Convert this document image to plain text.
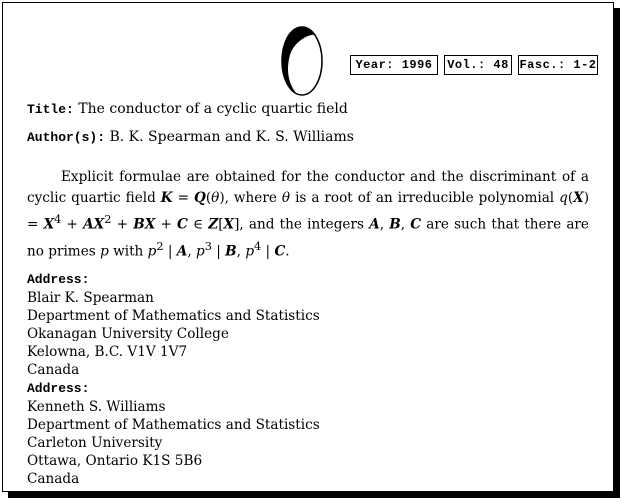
Year: 1996	Vol.: 48 Fasc.: 1-2
Title: The conductor of a cyclic quartic field
Author(s): B. K. Spearman and K. S. Williams
Explicit formulae are obtained for the conductor and the discriminant of a cyclic quartic field K = Q(θ), where θ is a root of an irreducible polynomial $q(X) = X^4 + AX^2$ + BX + C ∈ Z[X], and the integers A, B, C are such that there are no primes p with $p^2$ | A, $p^3$ | B, $p^4$ | C.
Address:
Blair K. Spearman
Department of Mathematics and Statistics
Okanagan University College
Kelowna, B.C. V1V 1V7
Canada
Address:
Kenneth S. Williams
Department of Mathematics and Statistics
Carleton University
Ottawa, Ontario K1S 5B6
Canada
